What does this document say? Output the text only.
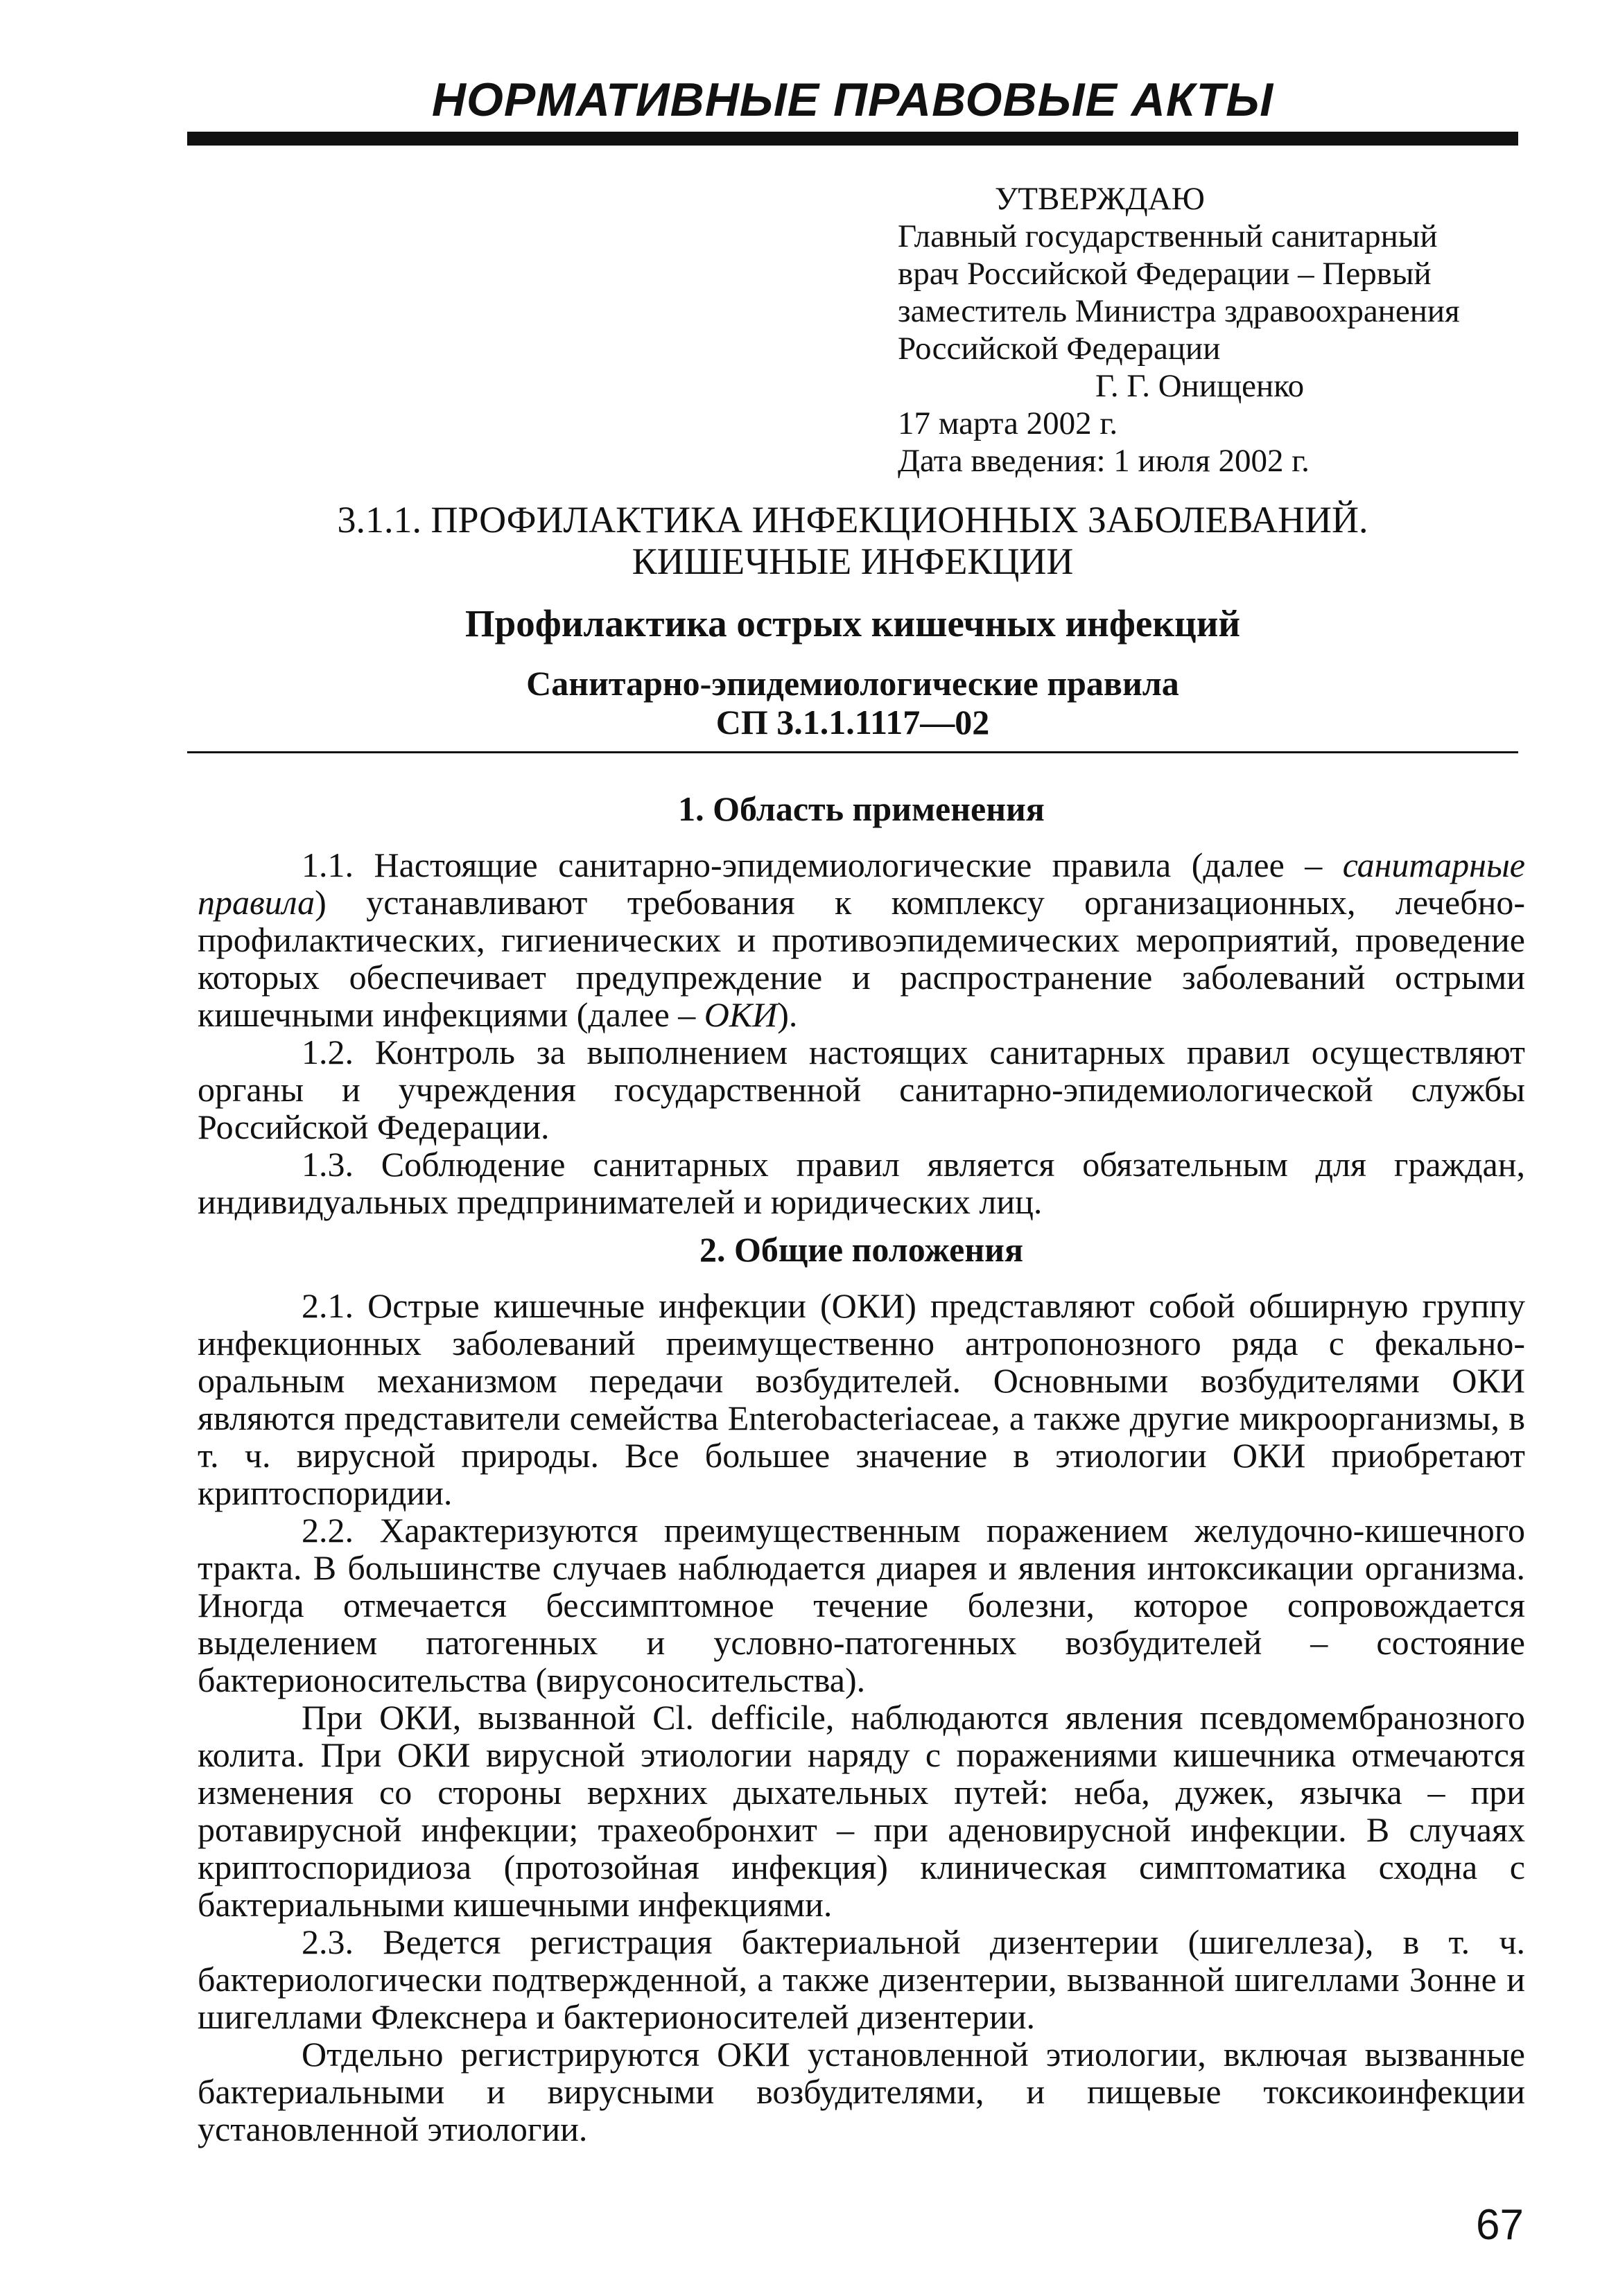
НОРМАТИВНЫЕ ПРАВОВЫЕ АКТЫ
УТВЕРЖДАЮ
Главный государственный санитарный
врач Российской Федерации – Первый
заместитель Министра здравоохранения
Российской Федерации
Г. Г. Онищенко
17 марта 2002 г.
Дата введения: 1 июля 2002 г.
3.1.1. ПРОФИЛАКТИКА ИНФЕКЦИОННЫХ ЗАБОЛЕВАНИЙ.
КИШЕЧНЫЕ ИНФЕКЦИИ
Профилактика острых кишечных инфекций
Санитарно-эпидемиологические правила
СП 3.1.1.1117—02
1. Область применения

1.1. Настоящие санитарно-эпидемиологические правила (далее – санитарные правила) устанавливают требования к комплексу организационных, лечебно-профилактических, гигиенических и противоэпидемических мероприятий, проведение которых обеспечивает предупреждение и распространение заболеваний острыми кишечными инфекциями (далее – ОКИ).

1.2. Контроль за выполнением настоящих санитарных правил осуществляют органы и учреждения государственной санитарно-эпидемиологической службы Российской Федерации.

1.3. Соблюдение санитарных правил является обязательным для граждан, индивидуальных предпринимателей и юридических лиц.

2. Общие положения

2.1. Острые кишечные инфекции (ОКИ) представляют собой обширную группу инфекционных заболеваний преимущественно антропонозного ряда с фекально-оральным механизмом передачи возбудителей. Основными возбудителями ОКИ являются представители семейства Enterobacteriaceae, а также другие микроорганизмы, в т. ч. вирусной природы. Все большее значение в этиологии ОКИ приобретают криптоспоридии.

2.2. Характеризуются преимущественным поражением желудочно-кишечного тракта. В большинстве случаев наблюдается диарея и явления интоксикации организма. Иногда отмечается бессимптомное течение болезни, которое сопровождается выделением патогенных и условно-патогенных возбудителей – состояние бактерионосительства (вирусоносительства).

При ОКИ, вызванной Cl. defficile, наблюдаются явления псевдомембранозного колита. При ОКИ вирусной этиологии наряду с поражениями кишечника отмечаются изменения со стороны верхних дыхательных путей: неба, дужек, язычка – при ротавирусной инфекции; трахеобронхит – при аденовирусной инфекции. В случаях криптоспоридиоза (протозойная инфекция) клиническая симптоматика сходна с бактериальными кишечными инфекциями.

2.3. Ведется регистрация бактериальной дизентерии (шигеллеза), в т. ч. бактериологически подтвержденной, а также дизентерии, вызванной шигеллами Зонне и шигеллами Флекснера и бактерионосителей дизентерии.

Отдельно регистрируются ОКИ установленной этиологии, включая вызванные бактериальными и вирусными возбудителями, и пищевые токсикоинфекции установленной этиологии.

67
